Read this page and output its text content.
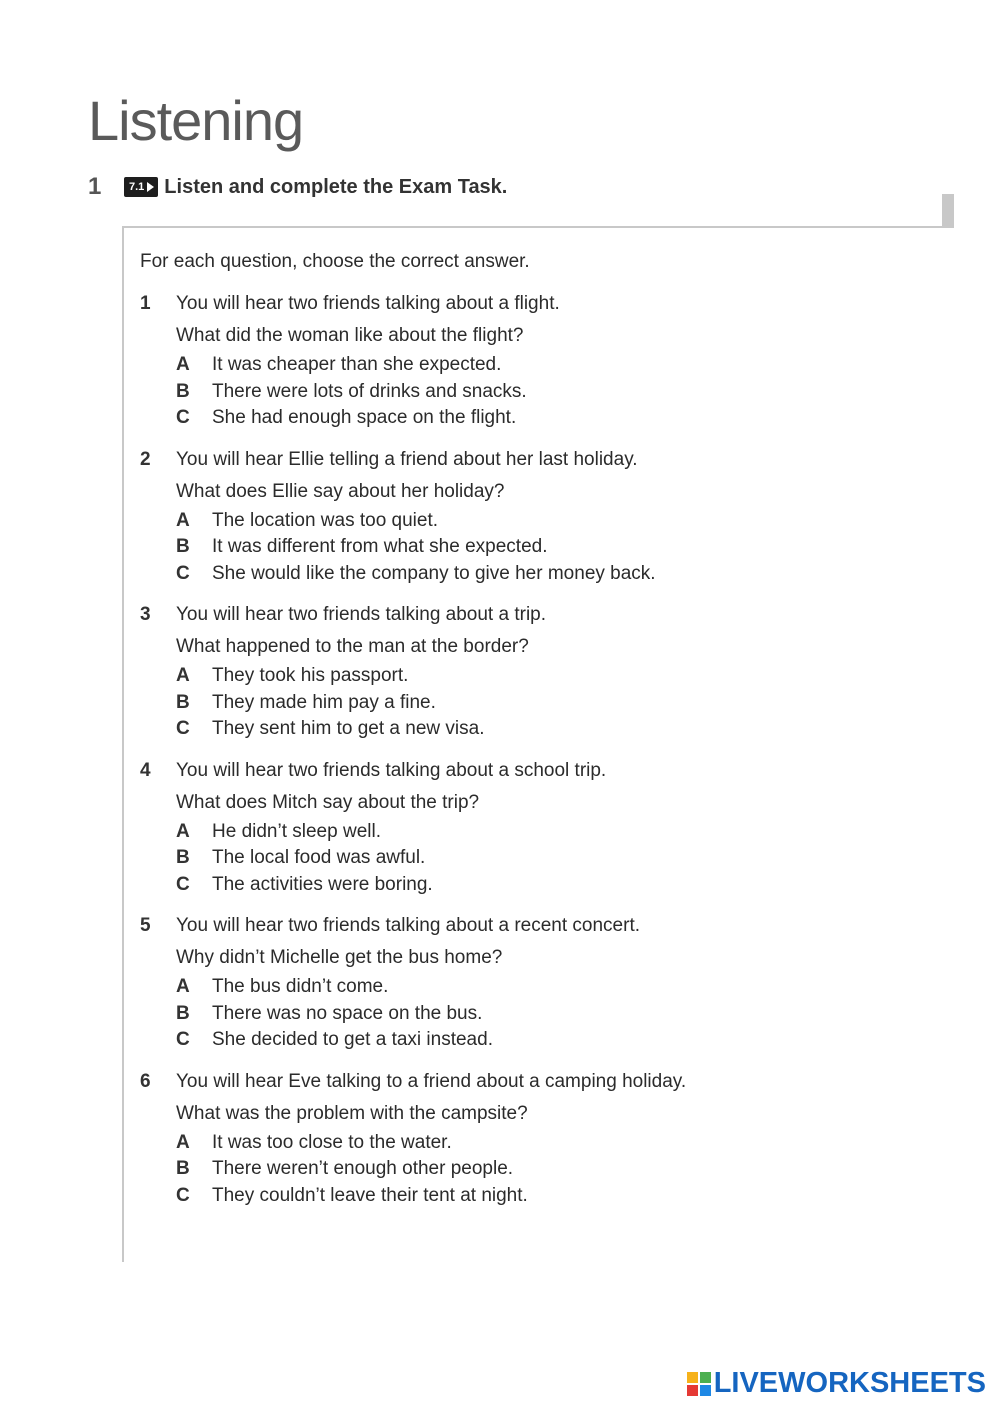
Listening
1	7.1 Listen and complete the Exam Task.

For each question, choose the correct answer.

1	You will hear two friends talking about a flight.
What did the woman like about the flight?
A	It was cheaper than she expected.
B	There were lots of drinks and snacks.
C	She had enough space on the flight.
2	You will hear Ellie telling a friend about her last holiday.
What does Ellie say about her holiday?
A	The location was too quiet.
B	It was different from what she expected.
C	She would like the company to give her money back.
3	You will hear two friends talking about a trip.
What happened to the man at the border?
A	They took his passport.
B	They made him pay a fine.
C	They sent him to get a new visa.
4	You will hear two friends talking about a school trip.
What does Mitch say about the trip?
A	He didn’t sleep well.
B	The local food was awful.
C	The activities were boring.
5	You will hear two friends talking about a recent concert.
Why didn’t Michelle get the bus home?
A	The bus didn’t come.
B	There was no space on the bus.
C	She decided to get a taxi instead.
6	You will hear Eve talking to a friend about a camping holiday.
What was the problem with the campsite?
A	It was too close to the water.
B	There weren’t enough other people.
C	They couldn’t leave their tent at night.
LIVEWORKSHEETS
